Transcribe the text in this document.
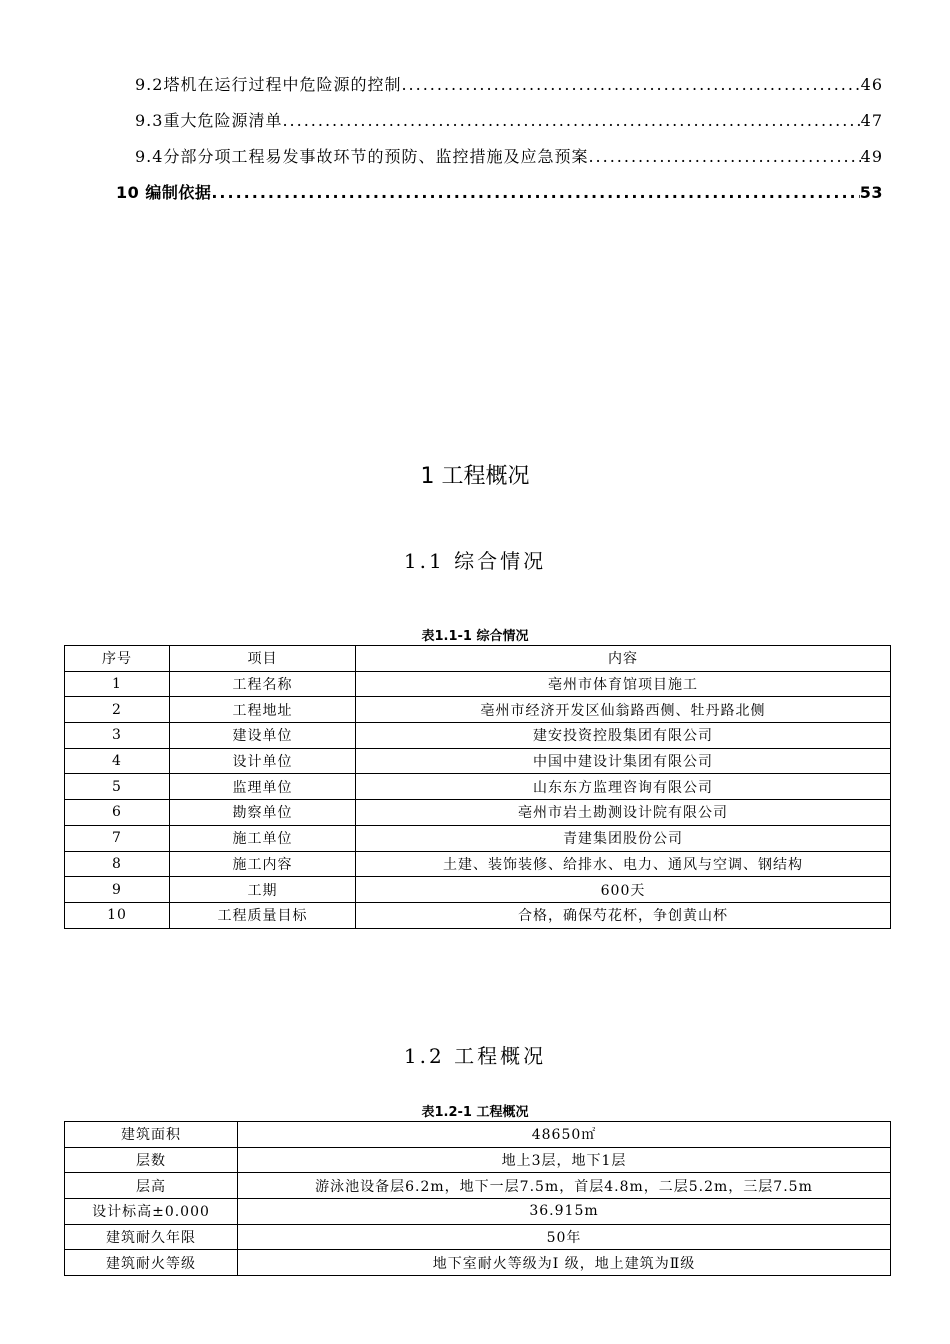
9.2塔机在运行过程中危险源的控制 .....	46
9.3重大危险源清单 .....	47
9.4分部分项工程易发事故环节的预防、监控措施及应急预案 .....	49
10 编制依据 .....	53
1 工程概况
1.1 综合情况
表1.1-1 综合情况
序号	项目	内容
1	工程名称	亳州市体育馆项目施工
2	工程地址	亳州市经济开发区仙翁路西侧、牡丹路北侧
3	建设单位	建安投资控股集团有限公司
4	设计单位	中国中建设计集团有限公司
5	监理单位	山东东方监理咨询有限公司
6	勘察单位	亳州市岩土勘测设计院有限公司
7	施工单位	青建集团股份公司
8	施工内容	土建、装饰装修、给排水、电力、通风与空调、钢结构
9	工期	600天
10	工程质量目标	合格，确保芍花杯，争创黄山杯
1.2 工程概况
表1.2-1 工程概况
建筑面积	48650㎡
层数	地上3层，地下1层
层高	游泳池设备层6.2m，地下一层7.5m，首层4.8m，二层5.2m，三层7.5m
设计标高±0.000	36.915m
建筑耐久年限	50年
建筑耐火等级	地下室耐火等级为Ⅰ 级，地上建筑为Ⅱ级
